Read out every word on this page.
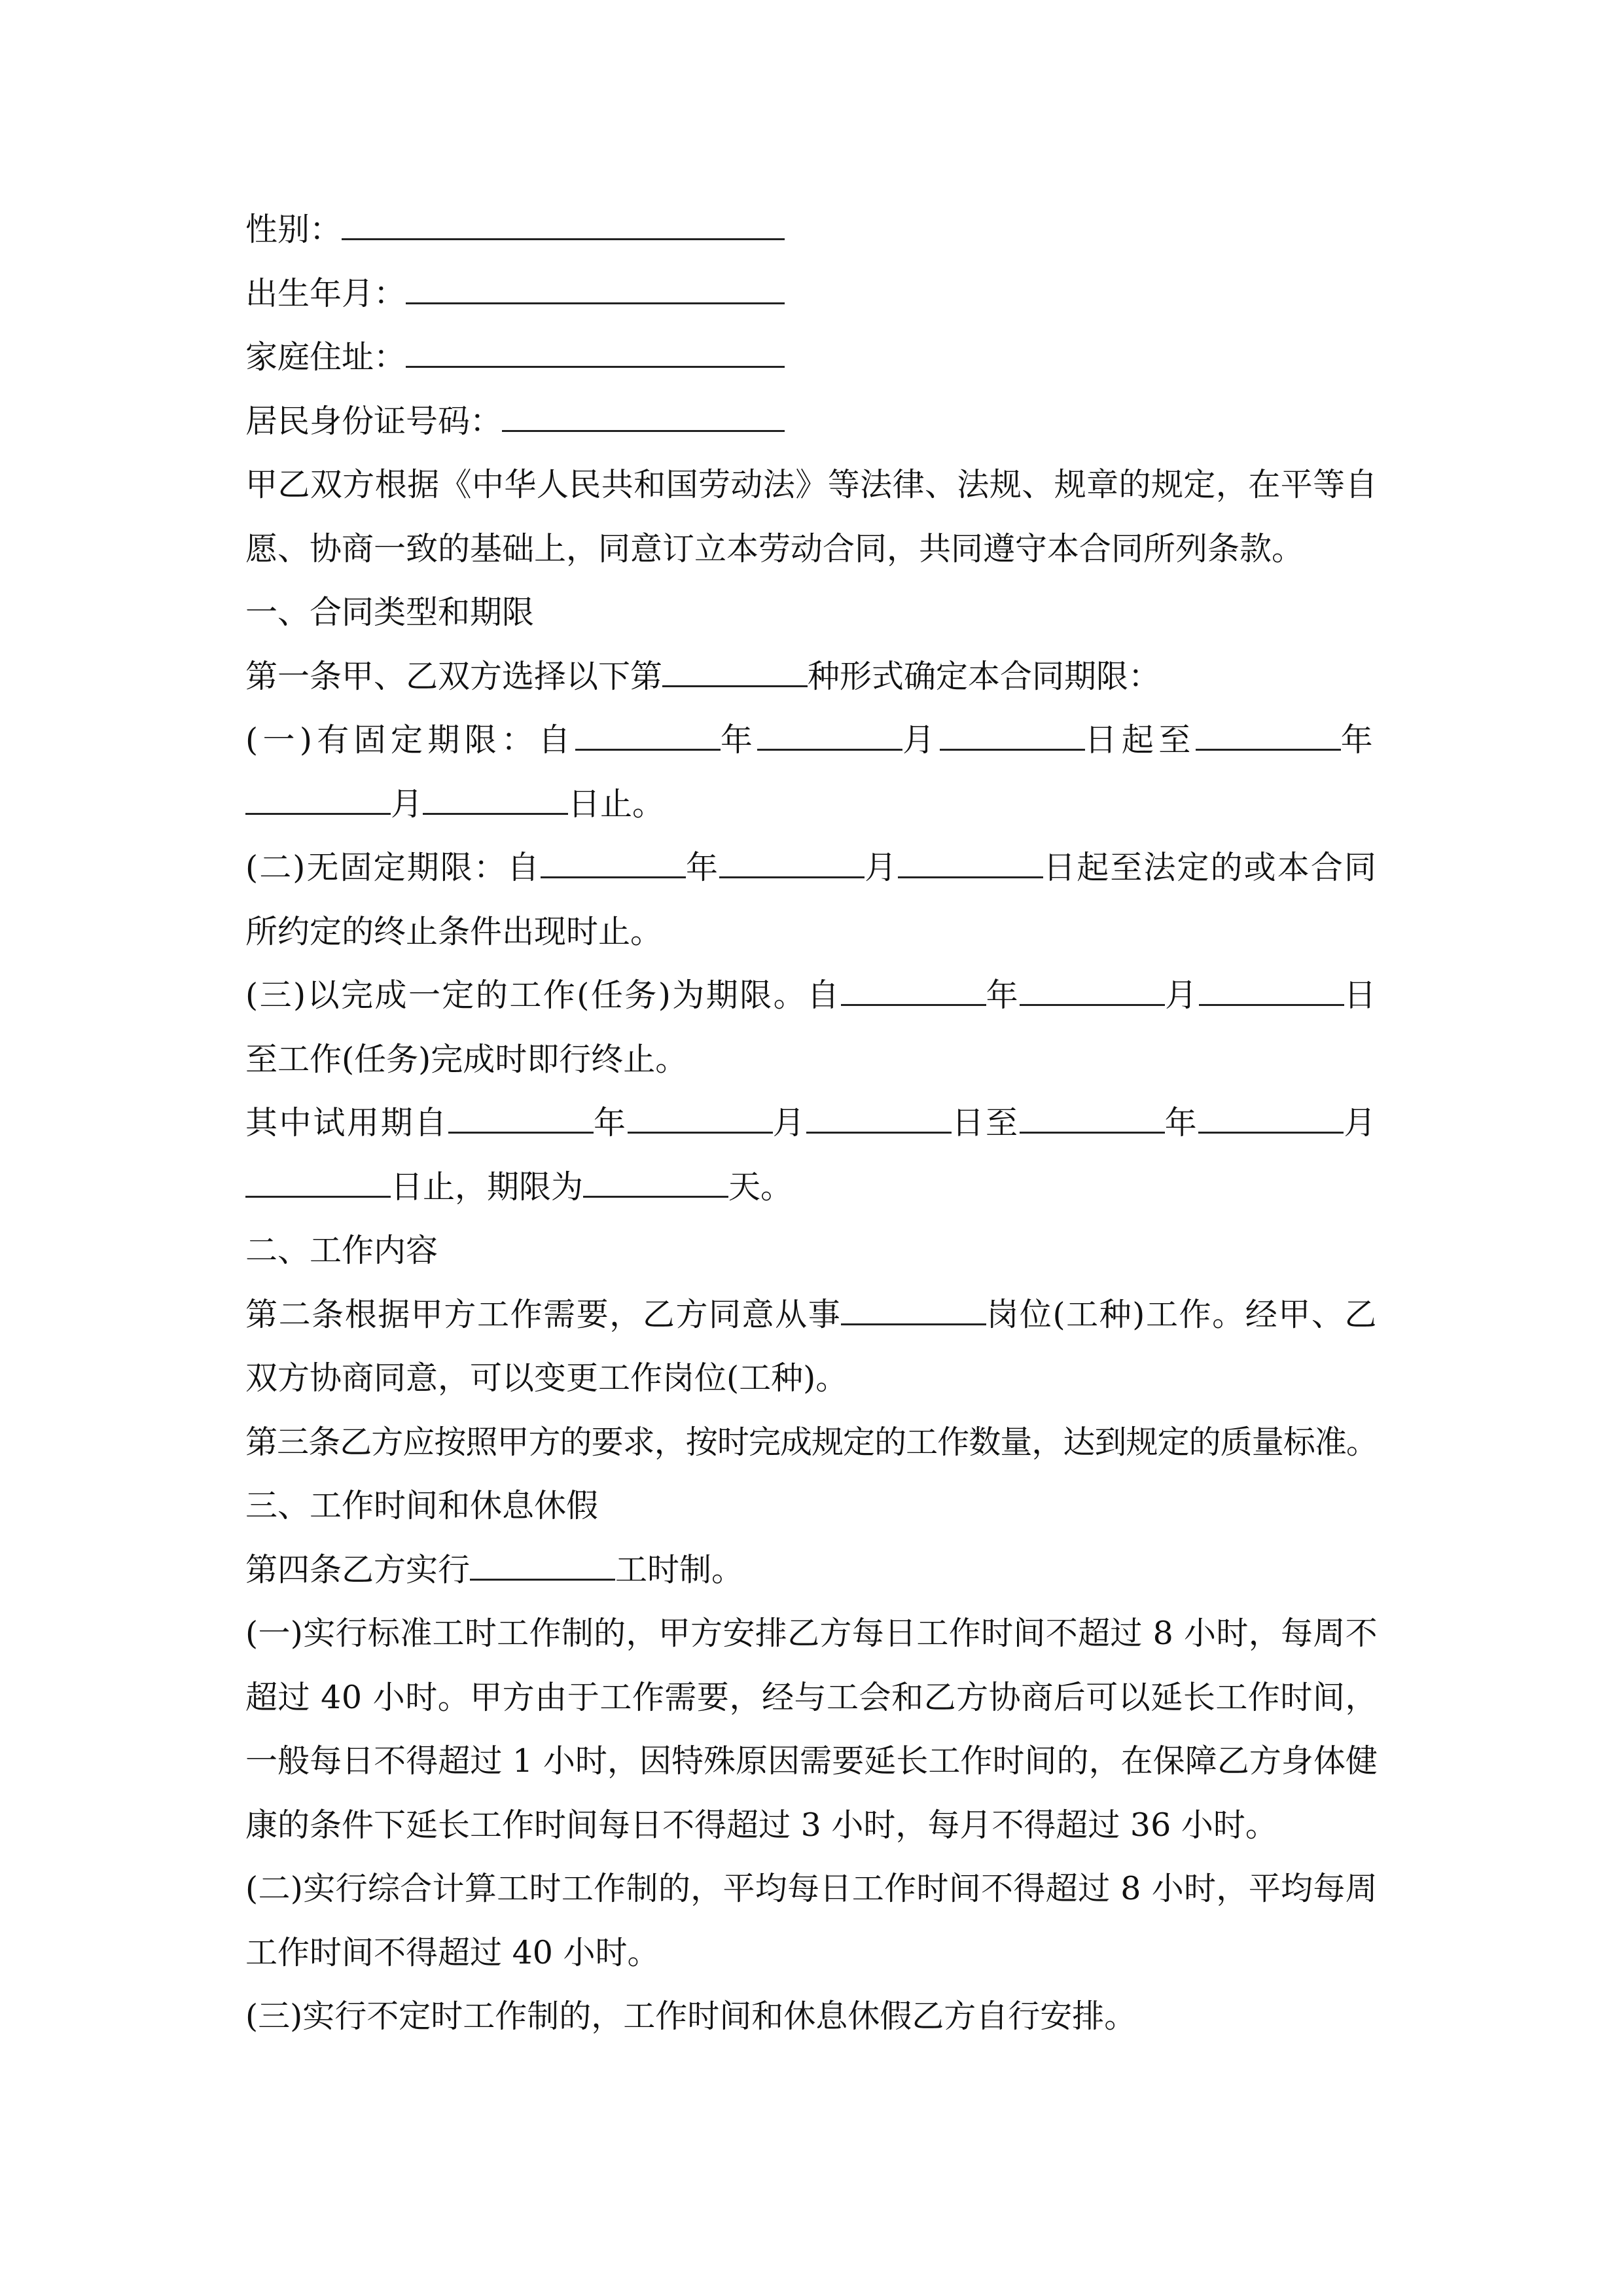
性别：
出生年月：
家庭住址：
居民身份证号码：
甲乙双方根据《中华人民共和国劳动法》等法律、法规、规章的规定，在平等自
愿、协商一致的基础上，同意订立本劳动合同，共同遵守本合同所列条款。
一、合同类型和期限
第一条甲、乙双方选择以下第	种形式确定本合同期限：
(一)有固定期限：自	年	月	日起至	年
月	日止。
(二)无固定期限：自	年	月	日起至法定的或本合同
所约定的终止条件出现时止。
(三)以完成一定的工作(任务)为期限。自	年	月	日
至工作(任务)完成时即行终止。
其中试用期自	年	月	日至	年	月
日止，期限为	天。
二、工作内容
第二条根据甲方工作需要，乙方同意从事	岗位(工种)工作。经甲、乙
双方协商同意，可以变更工作岗位(工种)。
第三条乙方应按照甲方的要求，按时完成规定的工作数量，达到规定的质量标准。
三、工作时间和休息休假
第四条乙方实行	工时制。
(一)实行标准工时工作制的，甲方安排乙方每日工作时间不超过 8 小时，每周不
超过 40 小时。甲方由于工作需要，经与工会和乙方协商后可以延长工作时间，
一般每日不得超过 1 小时，因特殊原因需要延长工作时间的，在保障乙方身体健
康的条件下延长工作时间每日不得超过 3 小时，每月不得超过 36 小时。
(二)实行综合计算工时工作制的，平均每日工作时间不得超过 8 小时，平均每周
工作时间不得超过 40 小时。
(三)实行不定时工作制的，工作时间和休息休假乙方自行安排。
